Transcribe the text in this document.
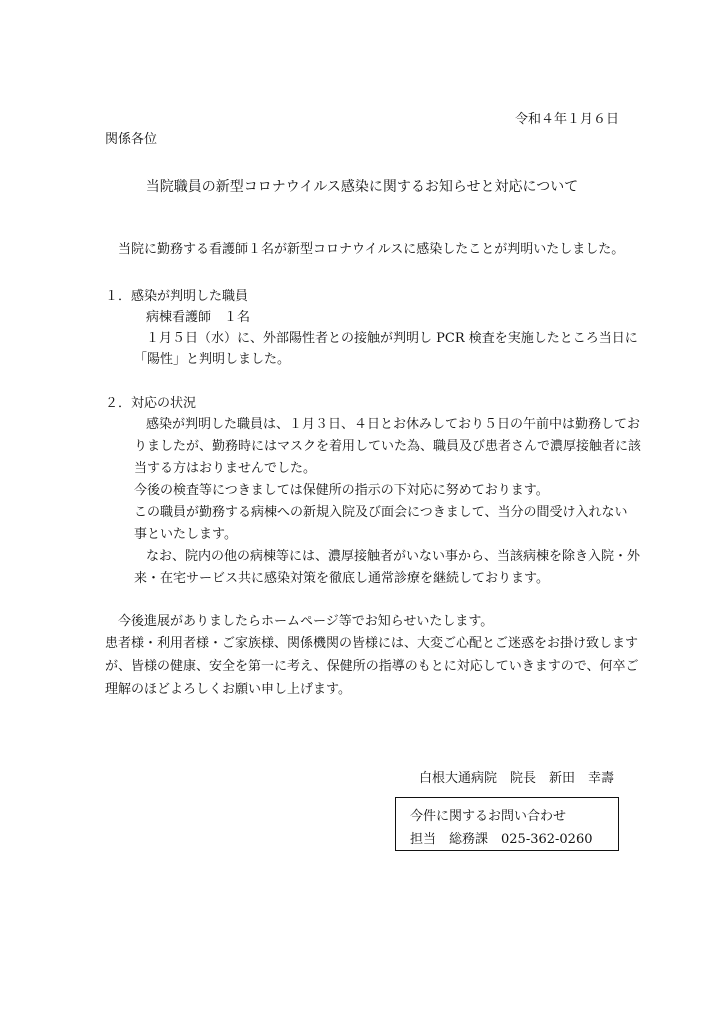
令和４年１月６日
関係各位
当院職員の新型コロナウイルス感染に関するお知らせと対応について
当院に勤務する看護師１名が新型コロナウイルスに感染したことが判明いたしました。
１．感染が判明した職員
病棟看護師　１名
１月５日（水）に、外部陽性者との接触が判明し PCR 検査を実施したところ当日に
「陽性」と判明しました。
２．対応の状況
感染が判明した職員は、１月３日、４日とお休みしており５日の午前中は勤務してお
りましたが、勤務時にはマスクを着用していた為、職員及び患者さんで濃厚接触者に該
当する方はおりませんでした。
今後の検査等につきましては保健所の指示の下対応に努めております。
この職員が勤務する病棟への新規入院及び面会につきまして、当分の間受け入れない
事といたします。
なお、院内の他の病棟等には、濃厚接触者がいない事から、当該病棟を除き入院・外
来・在宅サービス共に感染対策を徹底し通常診療を継続しております。
今後進展がありましたらホームページ等でお知らせいたします。
患者様・利用者様・ご家族様、関係機関の皆様には、大変ご心配とご迷惑をお掛け致します
が、皆様の健康、安全を第一に考え、保健所の指導のもとに対応していきますので、何卒ご
理解のほどよろしくお願い申し上げます。
白根大通病院　院長　新田　幸壽
今件に関するお問い合わせ
担当　総務課　025-362-0260
